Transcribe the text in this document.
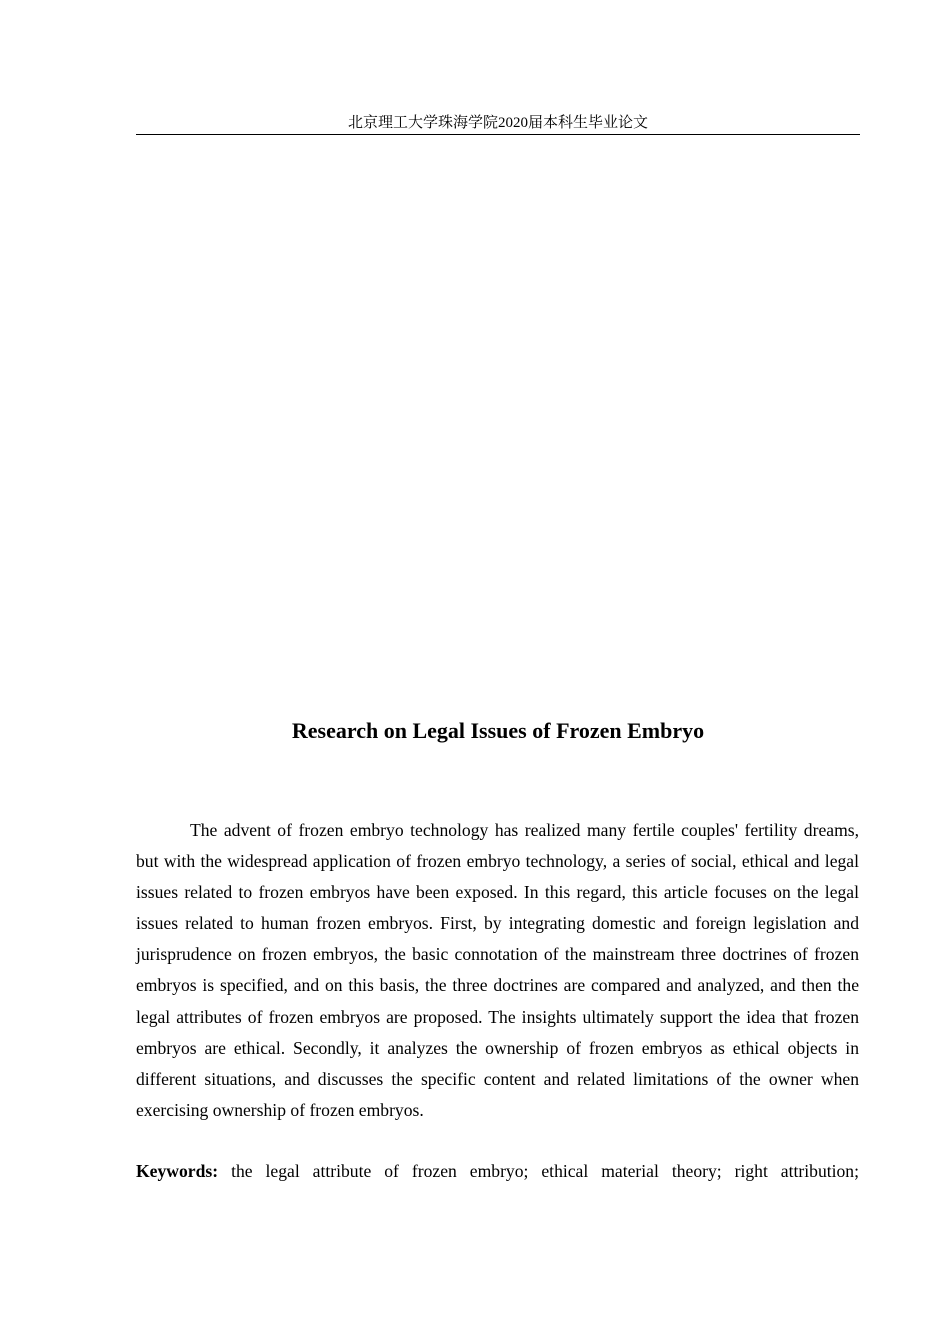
北京理工大学珠海学院2020届本科生毕业论文
Research on Legal Issues of Frozen Embryo

The advent of frozen embryo technology has realized many fertile couples' fertility dreams, but with the widespread application of frozen embryo technology, a series of social, ethical and legal issues related to frozen embryos have been exposed. In this regard, this article focuses on the legal issues related to human frozen embryos. First, by integrating domestic and foreign legislation and jurisprudence on frozen embryos, the basic connotation of the mainstream three doctrines of frozen embryos is specified, and on this basis, the three doctrines are compared and analyzed, and then the legal attributes of frozen embryos are proposed. The insights ultimately support the idea that frozen embryos are ethical. Secondly, it analyzes the ownership of frozen embryos as ethical objects in different situations, and discusses the specific content and related limitations of the owner when exercising ownership of frozen embryos.

Keywords: the legal attribute of frozen embryo; ethical material theory; right attribution;
